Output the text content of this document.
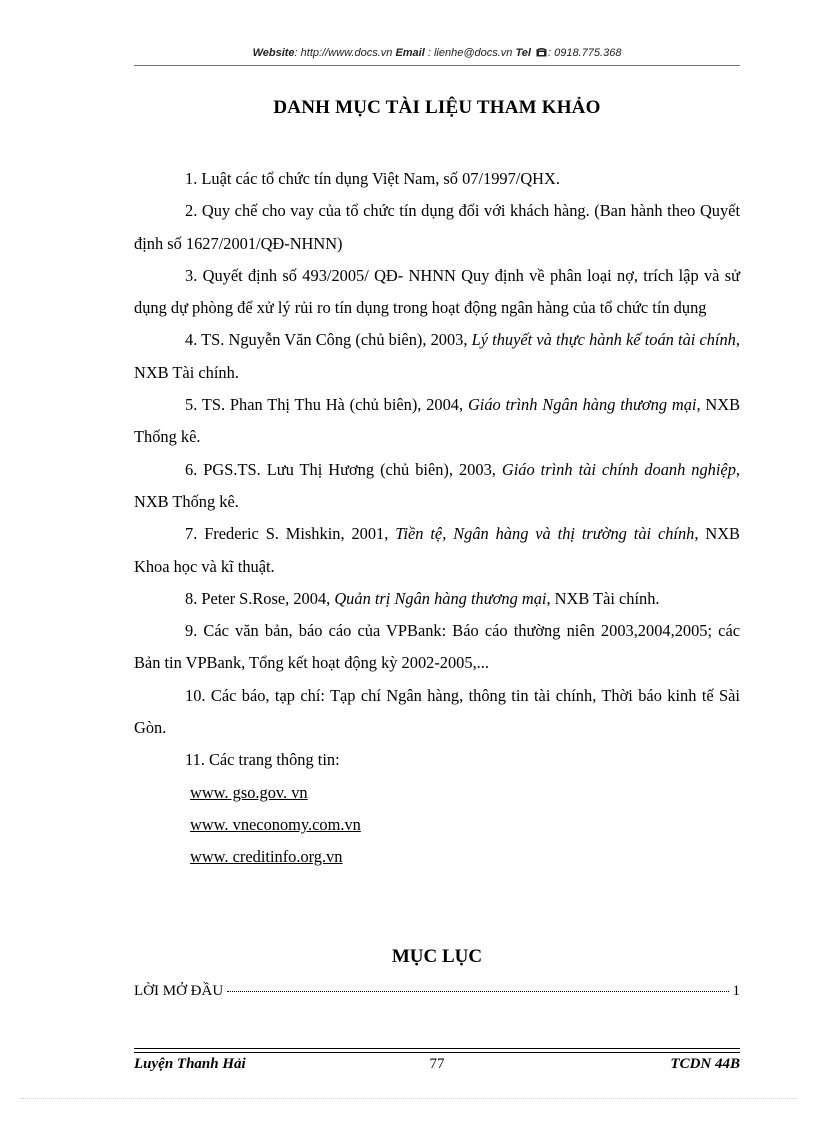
Website: http://www.docs.vn Email : lienhe@docs.vn Tel : 0918.775.368
DANH MỤC TÀI LIỆU THAM KHẢO

1. Luật các tổ chức tín dụng Việt Nam, số 07/1997/QHX.

2. Quy chế cho vay của tổ chức tín dụng đối với khách hàng. (Ban hành theo Quyết định số 1627/2001/QĐ-NHNN)

3. Quyết định số 493/2005/ QĐ- NHNN Quy định về phân loại nợ, trích lập và sử dụng dự phòng để xử lý rủi ro tín dụng trong hoạt động ngân hàng của tổ chức tín dụng

4. TS. Nguyễn Văn Công (chủ biên), 2003, Lý thuyết và thực hành kế toán tài chính, NXB Tài chính.

5. TS. Phan Thị Thu Hà (chủ biên), 2004, Giáo trình Ngân hàng thương mại, NXB Thống kê.

6. PGS.TS. Lưu Thị Hương (chủ biên), 2003, Giáo trình tài chính doanh nghiệp, NXB Thống kê.

7. Frederic S. Mishkin, 2001, Tiền tệ, Ngân hàng và thị trường tài chính, NXB Khoa học và kĩ thuật.

8. Peter S.Rose, 2004, Quản trị Ngân hàng thương mại, NXB Tài chính.

9. Các văn bản, báo cáo của VPBank: Báo cáo thường niên 2003,2004,2005; các Bản tin VPBank, Tổng kết hoạt động kỳ 2002-2005,...

10. Các báo, tạp chí: Tạp chí Ngân hàng, thông tin tài chính, Thời báo kinh tế Sài Gòn.

11. Các trang thông tin:

www. gso.gov. vn
www. vneconomy.com.vn
www. creditinfo.org.vn
MỤC LỤC
LỜI MỞ ĐẦU	1
77
Luyện Thanh Hải	TCDN 44B
